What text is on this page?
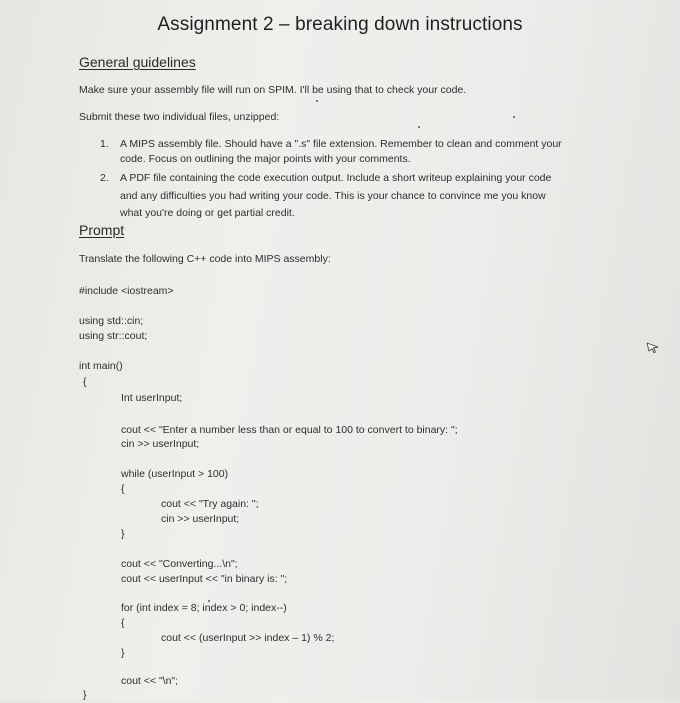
Assignment 2 – breaking down instructions
General guidelines
Make sure your assembly file will run on SPIM. I'll be using that to check your code.
Submit these two individual files, unzipped:
1. A MIPS assembly file. Should have a ".s" file extension. Remember to clean and comment your
code. Focus on outlining the major points with your comments.
2. A PDF file containing the code execution output. Include a short writeup explaining your code
and any difficulties you had writing your code. This is your chance to convince me you know
what you're doing or get partial credit.
Prompt
Translate the following C++ code into MIPS assembly:
#include <iostream>
using std::cin;
using str::cout;
int main()
{
Int userInput;
cout << "Enter a number less than or equal to 100 to convert to binary: ";
cin >> userInput;
while (userInput > 100)
{
cout << "Try again: ";
cin >> userInput;
}
cout << "Converting...\n";
cout << userInput << "in binary is: ";
for (int index = 8; index > 0; index--)
{
cout << (userInput >> index – 1) % 2;
}
cout << "\n";
}
